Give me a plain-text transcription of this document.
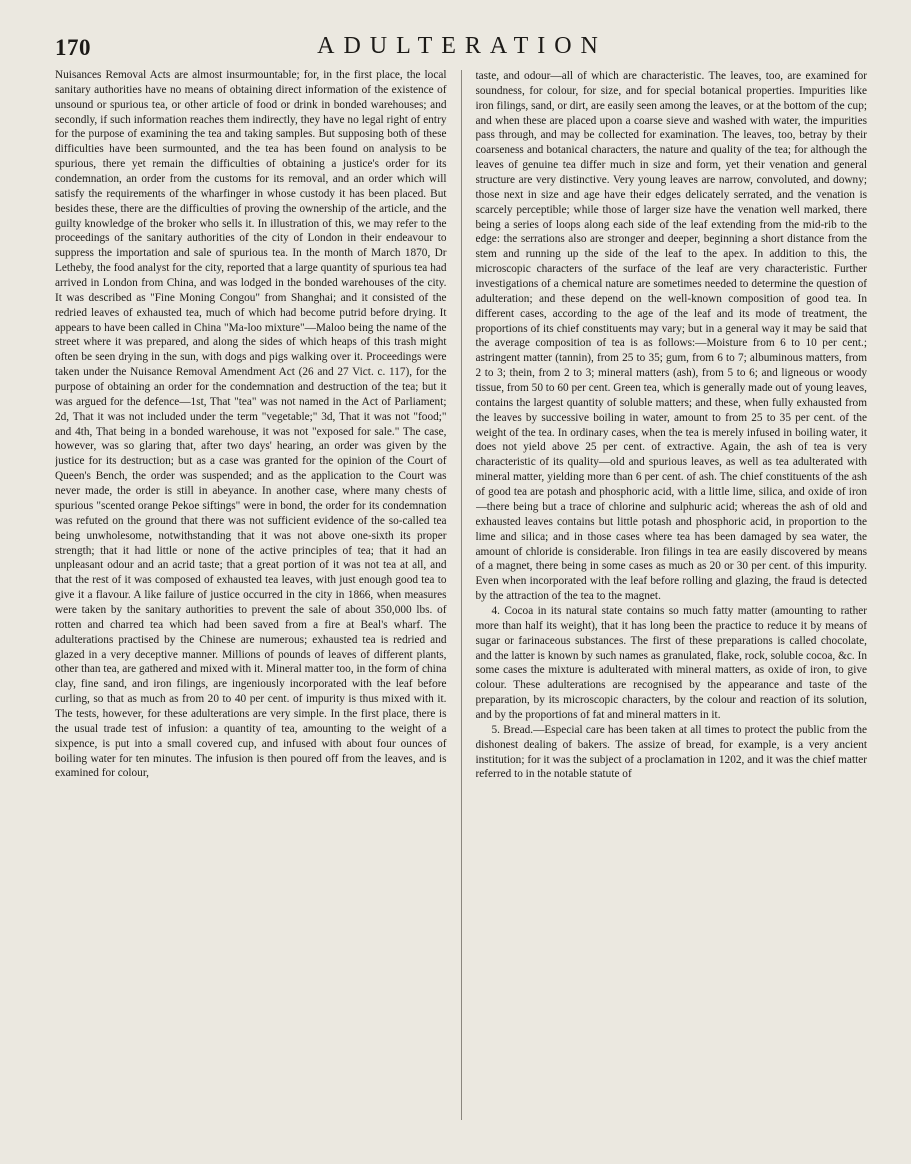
170	ADULTERATION

Nuisances Removal Acts are almost insurmountable; for, in the first place, the local sanitary authorities have no means of obtaining direct information of the existence of unsound or spurious tea, or other article of food or drink in bonded warehouses; and secondly, if such information reaches them indirectly, they have no legal right of entry for the purpose of examining the tea and taking samples. But supposing both of these difficulties have been surmounted, and the tea has been found on analysis to be spurious, there yet remain the difficulties of obtaining a justice's order for its condemnation, an order from the customs for its removal, and an order which will satisfy the requirements of the wharfinger in whose custody it has been placed. But besides these, there are the difficulties of proving the ownership of the article, and the guilty knowledge of the broker who sells it. In illustration of this, we may refer to the proceedings of the sanitary authorities of the city of London in their endeavour to suppress the importation and sale of spurious tea. In the month of March 1870, Dr Letheby, the food analyst for the city, reported that a large quantity of spurious tea had arrived in London from China, and was lodged in the bonded warehouses of the city. It was described as "Fine Moning Congou" from Shanghai; and it consisted of the redried leaves of exhausted tea, much of which had become putrid before drying. It appears to have been called in China "Ma-loo mixture"—Maloo being the name of the street where it was prepared, and along the sides of which heaps of this trash might often be seen drying in the sun, with dogs and pigs walking over it. Proceedings were taken under the Nuisance Removal Amendment Act (26 and 27 Vict. c. 117), for the purpose of obtaining an order for the condemnation and destruction of the tea; but it was argued for the defence—1st, That "tea" was not named in the Act of Parliament; 2d, That it was not included under the term "vegetable;" 3d, That it was not "food;" and 4th, That being in a bonded warehouse, it was not "exposed for sale." The case, however, was so glaring that, after two days' hearing, an order was given by the justice for its destruction; but as a case was granted for the opinion of the Court of Queen's Bench, the order was suspended; and as the application to the Court was never made, the order is still in abeyance. In another case, where many chests of spurious "scented orange Pekoe siftings" were in bond, the order for its condemnation was refuted on the ground that there was not sufficient evidence of the so-called tea being unwholesome, notwithstanding that it was not above one-sixth its proper strength; that it had little or none of the active principles of tea; that it had an unpleasant odour and an acrid taste; that a great portion of it was not tea at all, and that the rest of it was composed of exhausted tea leaves, with just enough good tea to give it a flavour. A like failure of justice occurred in the city in 1866, when measures were taken by the sanitary authorities to prevent the sale of about 350,000 lbs. of rotten and charred tea which had been saved from a fire at Beal's wharf. The adulterations practised by the Chinese are numerous; exhausted tea is redried and glazed in a very deceptive manner. Millions of pounds of leaves of different plants, other than tea, are gathered and mixed with it. Mineral matter too, in the form of china clay, fine sand, and iron filings, are ingeniously incorporated with the leaf before curling, so that as much as from 20 to 40 per cent. of impurity is thus mixed with it. The tests, however, for these adulterations are very simple. In the first place, there is the usual trade test of infusion: a quantity of tea, amounting to the weight of a sixpence, is put into a small covered cup, and infused with about four ounces of boiling water for ten minutes. The infusion is then poured off from the leaves, and is examined for colour,

taste, and odour—all of which are characteristic. The leaves, too, are examined for soundness, for colour, for size, and for special botanical properties. Impurities like iron filings, sand, or dirt, are easily seen among the leaves, or at the bottom of the cup; and when these are placed upon a coarse sieve and washed with water, the impurities pass through, and may be collected for examination. The leaves, too, betray by their coarseness and botanical characters, the nature and quality of the tea; for although the leaves of genuine tea differ much in size and form, yet their venation and general structure are very distinctive. Very young leaves are narrow, convoluted, and downy; those next in size and age have their edges delicately serrated, and the venation is scarcely perceptible; while those of larger size have the venation well marked, there being a series of loops along each side of the leaf extending from the mid-rib to the edge: the serrations also are stronger and deeper, beginning a short distance from the stem and running up the side of the leaf to the apex. In addition to this, the microscopic characters of the surface of the leaf are very characteristic. Further investigations of a chemical nature are sometimes needed to determine the question of adulteration; and these depend on the well-known composition of good tea. In different cases, according to the age of the leaf and its mode of treatment, the proportions of its chief constituents may vary; but in a general way it may be said that the average composition of tea is as follows:—Moisture from 6 to 10 per cent.; astringent matter (tannin), from 25 to 35; gum, from 6 to 7; albuminous matters, from 2 to 3; thein, from 2 to 3; mineral matters (ash), from 5 to 6; and ligneous or woody tissue, from 50 to 60 per cent. Green tea, which is generally made out of young leaves, contains the largest quantity of soluble matters; and these, when fully exhausted from the leaves by successive boiling in water, amount to from 25 to 35 per cent. of the weight of the tea. In ordinary cases, when the tea is merely infused in boiling water, it does not yield above 25 per cent. of extractive. Again, the ash of tea is very characteristic of its quality—old and spurious leaves, as well as tea adulterated with mineral matter, yielding more than 6 per cent. of ash. The chief constituents of the ash of good tea are potash and phosphoric acid, with a little lime, silica, and oxide of iron—there being but a trace of chlorine and sulphuric acid; whereas the ash of old and exhausted leaves contains but little potash and phosphoric acid, in proportion to the lime and silica; and in those cases where tea has been damaged by sea water, the amount of chloride is considerable. Iron filings in tea are easily discovered by means of a magnet, there being in some cases as much as 20 or 30 per cent. of this impurity. Even when incorporated with the leaf before rolling and glazing, the fraud is detected by the attraction of the tea to the magnet.

4. Cocoa in its natural state contains so much fatty matter (amounting to rather more than half its weight), that it has long been the practice to reduce it by means of sugar or farinaceous substances. The first of these preparations is called chocolate, and the latter is known by such names as granulated, flake, rock, soluble cocoa, &c. In some cases the mixture is adulterated with mineral matters, as oxide of iron, to give colour. These adulterations are recognised by the appearance and taste of the preparation, by its microscopic characters, by the colour and reaction of its solution, and by the proportions of fat and mineral matters in it.

5. Bread.—Especial care has been taken at all times to protect the public from the dishonest dealing of bakers. The assize of bread, for example, is a very ancient institution; for it was the subject of a proclamation in 1202, and it was the chief matter referred to in the notable statute of
